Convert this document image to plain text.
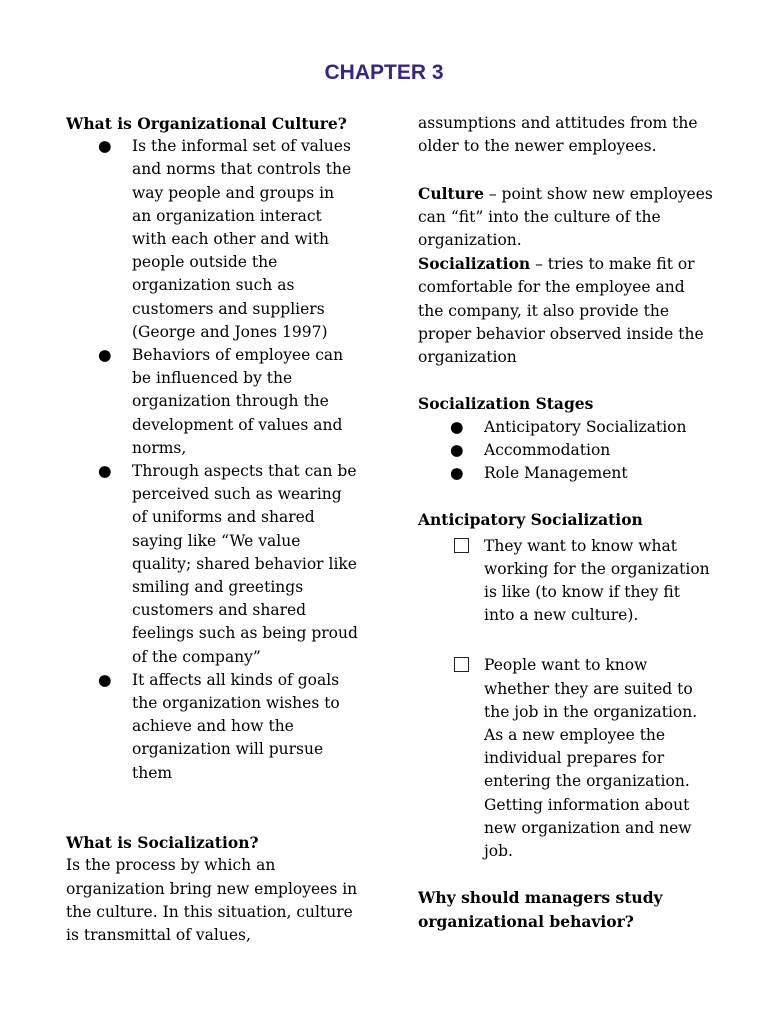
CHAPTER 3

What is Organizational Culture?

● Is the informal set of values and norms that controls the way people and groups in an organization interact with each other and with people outside the organization such as customers and suppliers (George and Jones 1997)
● Behaviors of employee can be influenced by the organization through the development of values and norms,
● Through aspects that can be perceived such as wearing of uniforms and shared saying like “We value quality; shared behavior like smiling and greetings customers and shared feelings such as being proud of the company”
● It affects all kinds of goals the organization wishes to achieve and how the organization will pursue them

What is Socialization?

Is the process by which an organization bring new employees in the culture. In this situation, culture is transmittal of values,

assumptions and attitudes from the older to the newer employees.

Culture – point show new employees can “fit” into the culture of the organization.

Socialization – tries to make fit or comfortable for the employee and the company, it also provide the proper behavior observed inside the organization

Socialization Stages

● Anticipatory Socialization
● Accommodation
● Role Management

Anticipatory Socialization

They want to know what working for the organization is like (to know if they fit into a new culture).
People want to know whether they are suited to the job in the organization. As a new employee the individual prepares for entering the organization. Getting information about new organization and new job.

Why should managers study organizational behavior?
